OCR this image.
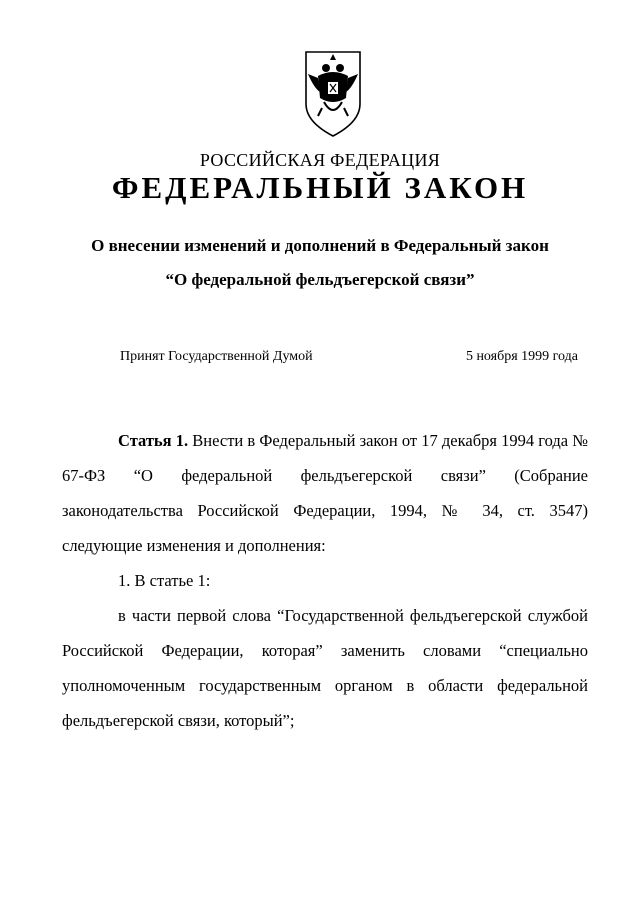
РОССИЙСКАЯ ФЕДЕРАЦИЯ
ФЕДЕРАЛЬНЫЙ ЗАКОН
О внесении изменений и дополнений в Федеральный закон
“О федеральной фельдъегерской связи”
Принят Государственной Думой	5 ноября 1999 года

Статья 1. Внести в Федеральный закон от 17 декабря 1994 года № 67-ФЗ “О федеральной фельдъегерской связи” (Собрание законодательства Российской Федерации, 1994, № 34, ст. 3547) следующие изменения и дополнения:

1. В статье 1:

в части первой слова “Государственной фельдъегерской службой Российской Федерации, которая” заменить словами “специально уполномоченным государственным органом в области федеральной фельдъегерской связи, который”;
